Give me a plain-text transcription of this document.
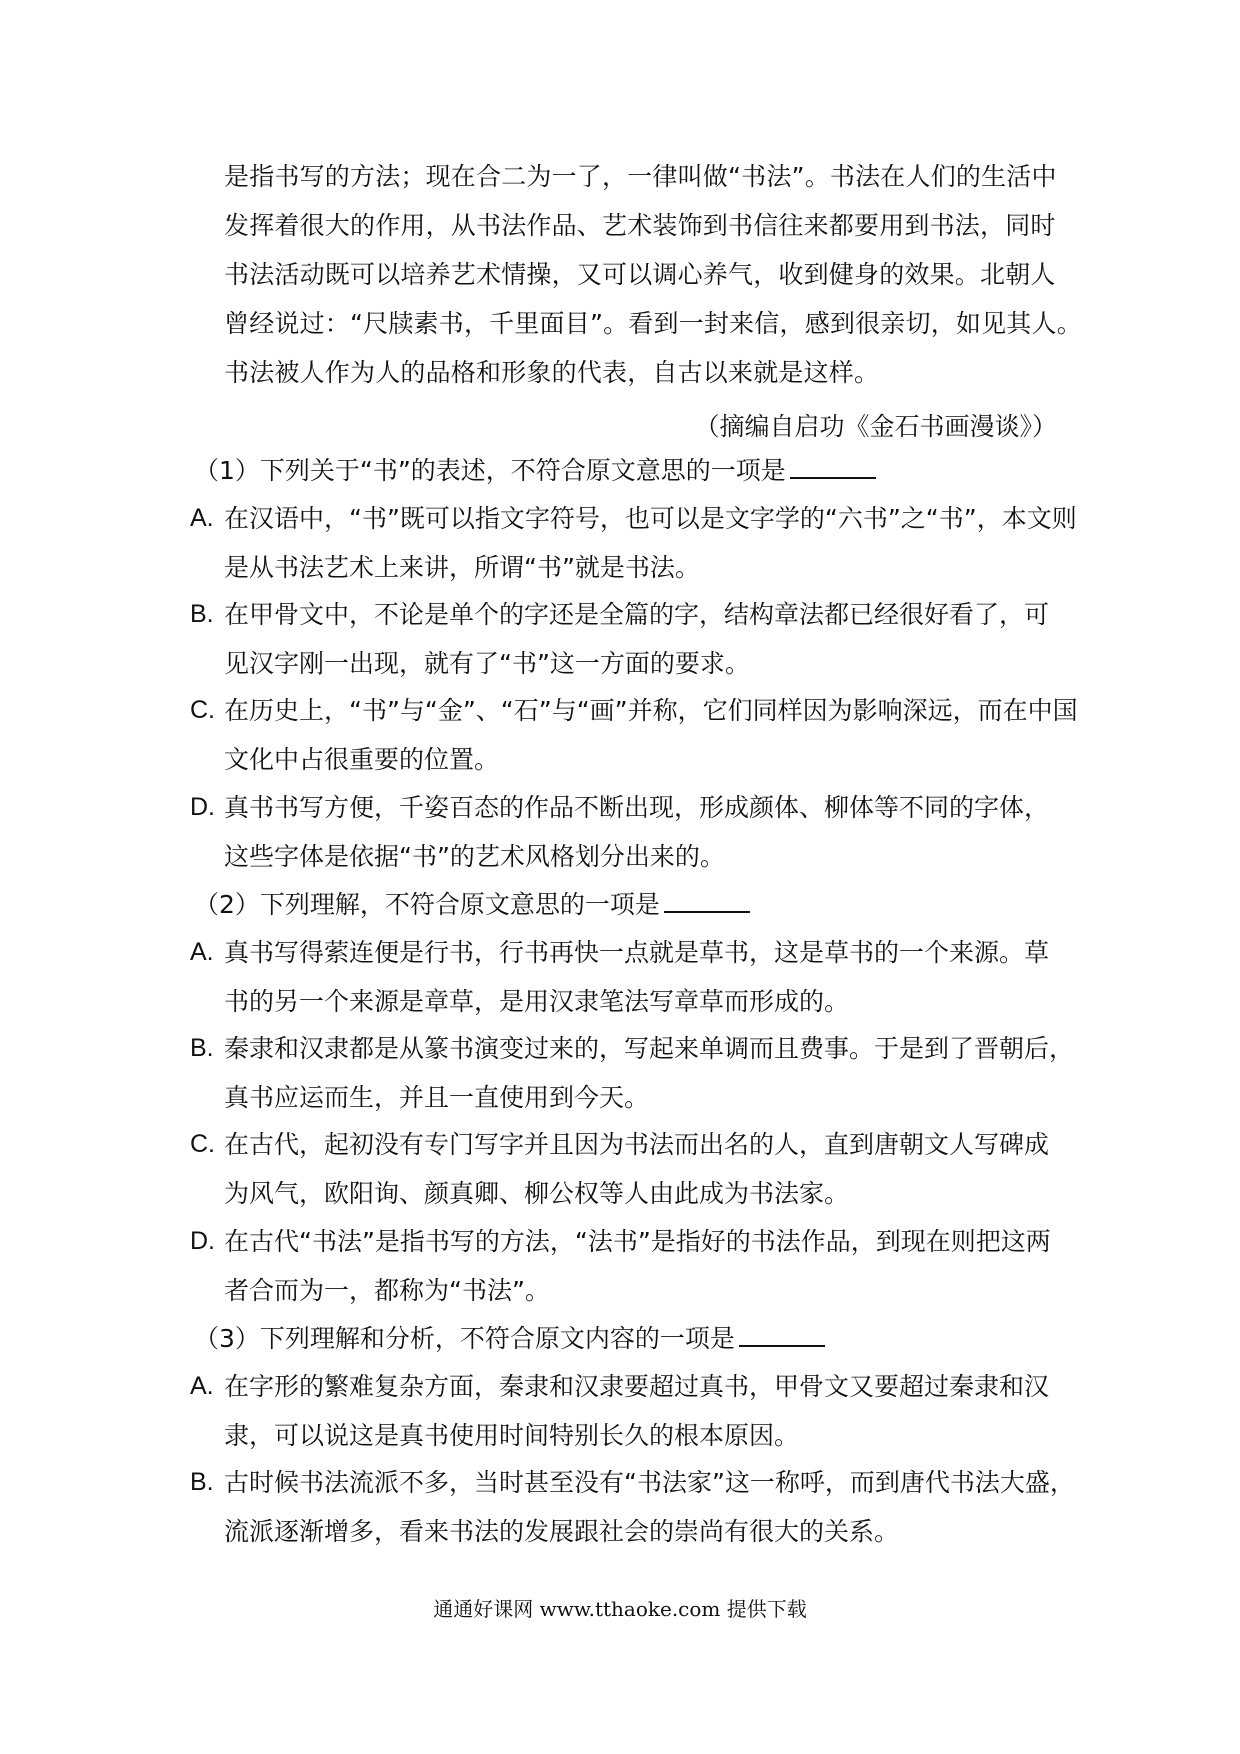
是指书写的方法；现在合二为一了，一律叫做“书法”。书法在人们的生活中
发挥着很大的作用，从书法作品、艺术装饰到书信往来都要用到书法，同时
书法活动既可以培养艺术情操，又可以调心养气，收到健身的效果。北朝人
曾经说过：“尺牍素书，千里面目”。看到一封来信，感到很亲切，如见其人。
书法被人作为人的品格和形象的代表，自古以来就是这样。
（摘编自启功《金石书画漫谈》）
（1）下列关于“书”的表述，不符合原文意思的一项是
A. 在汉语中，“书”既可以指文字符号，也可以是文字学的“六书”之“书”，本文则
是从书法艺术上来讲，所谓“书”就是书法。
B. 在甲骨文中，不论是单个的字还是全篇的字，结构章法都已经很好看了，可
见汉字刚一出现，就有了“书”这一方面的要求。
C. 在历史上，“书”与“金”、“石”与“画”并称，它们同样因为影响深远，而在中国
文化中占很重要的位置。
D. 真书书写方便，千姿百态的作品不断出现，形成颜体、柳体等不同的字体，
这些字体是依据“书”的艺术风格划分出来的。
（2）下列理解，不符合原文意思的一项是
A. 真书写得萦连便是行书，行书再快一点就是草书，这是草书的一个来源。草
书的另一个来源是章草，是用汉隶笔法写章草而形成的。
B. 秦隶和汉隶都是从篆书演变过来的，写起来单调而且费事。于是到了晋朝后，
真书应运而生，并且一直使用到今天。
C. 在古代，起初没有专门写字并且因为书法而出名的人，直到唐朝文人写碑成
为风气，欧阳询、颜真卿、柳公权等人由此成为书法家。
D. 在古代“书法”是指书写的方法，“法书”是指好的书法作品，到现在则把这两
者合而为一，都称为“书法”。
（3）下列理解和分析，不符合原文内容的一项是
A. 在字形的繁难复杂方面，秦隶和汉隶要超过真书，甲骨文又要超过秦隶和汉
隶，可以说这是真书使用时间特别长久的根本原因。
B. 古时候书法流派不多，当时甚至没有“书法家”这一称呼，而到唐代书法大盛，
流派逐渐增多，看来书法的发展跟社会的崇尚有很大的关系。
通通好课网 www.tthaoke.com 提供下载
